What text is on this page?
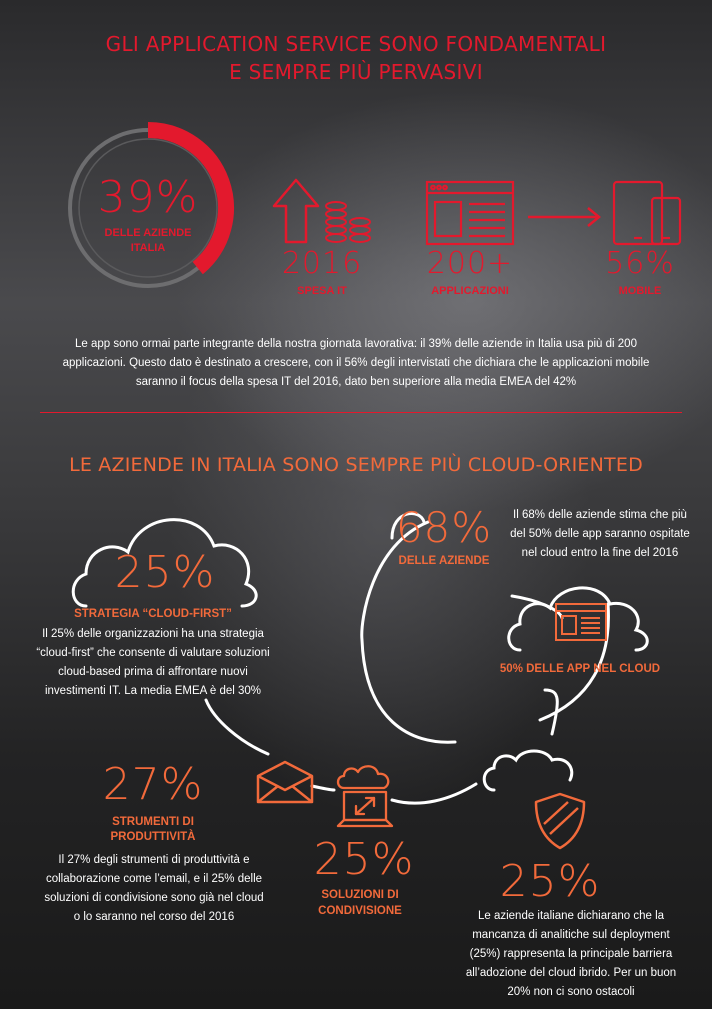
GLI APPLICATION SERVICE SONO FONDAMENTALI
E SEMPRE PIÙ PERVASIVI
39%
DELLE AZIENDE
ITALIA	2016
SPESA IT
200+
APPLICAZIONI
56%
MOBILE
Le app sono ormai parte integrante della nostra giornata lavorativa: il 39% delle aziende in Italia usa più di 200
applicazioni. Questo dato è destinato a crescere, con il 56% degli intervistati che dichiara che le applicazioni mobile
saranno il focus della spesa IT del 2016, dato ben superiore alla media EMEA del 42%
LE AZIENDE IN ITALIA SONO SEMPRE PIÙ CLOUD-ORIENTED
25%
STRATEGIA “CLOUD-FIRST”
Il 25% delle organizzazioni ha una strategia
“cloud-first” che consente di valutare soluzioni
cloud-based prima di affrontare nuovi
investimenti IT. La media EMEA è del 30%
68%
DELLE AZIENDE
Il 68% delle aziende stima che più
del 50% delle app saranno ospitate
nel cloud entro la fine del 2016
50% DELLE APP NEL CLOUD
27%
STRUMENTI DI
PRODUTTIVITÀ
Il 27% degli strumenti di produttività e
collaborazione come l’email, e il 25% delle
soluzioni di condivisione sono già nel cloud
o lo saranno nel corso del 2016
25%
SOLUZIONI DI
CONDIVISIONE
25%
Le aziende italiane dichiarano che la
mancanza di analitiche sul deployment
(25%) rappresenta la principale barriera
all’adozione del cloud ibrido. Per un buon
20% non ci sono ostacoli
